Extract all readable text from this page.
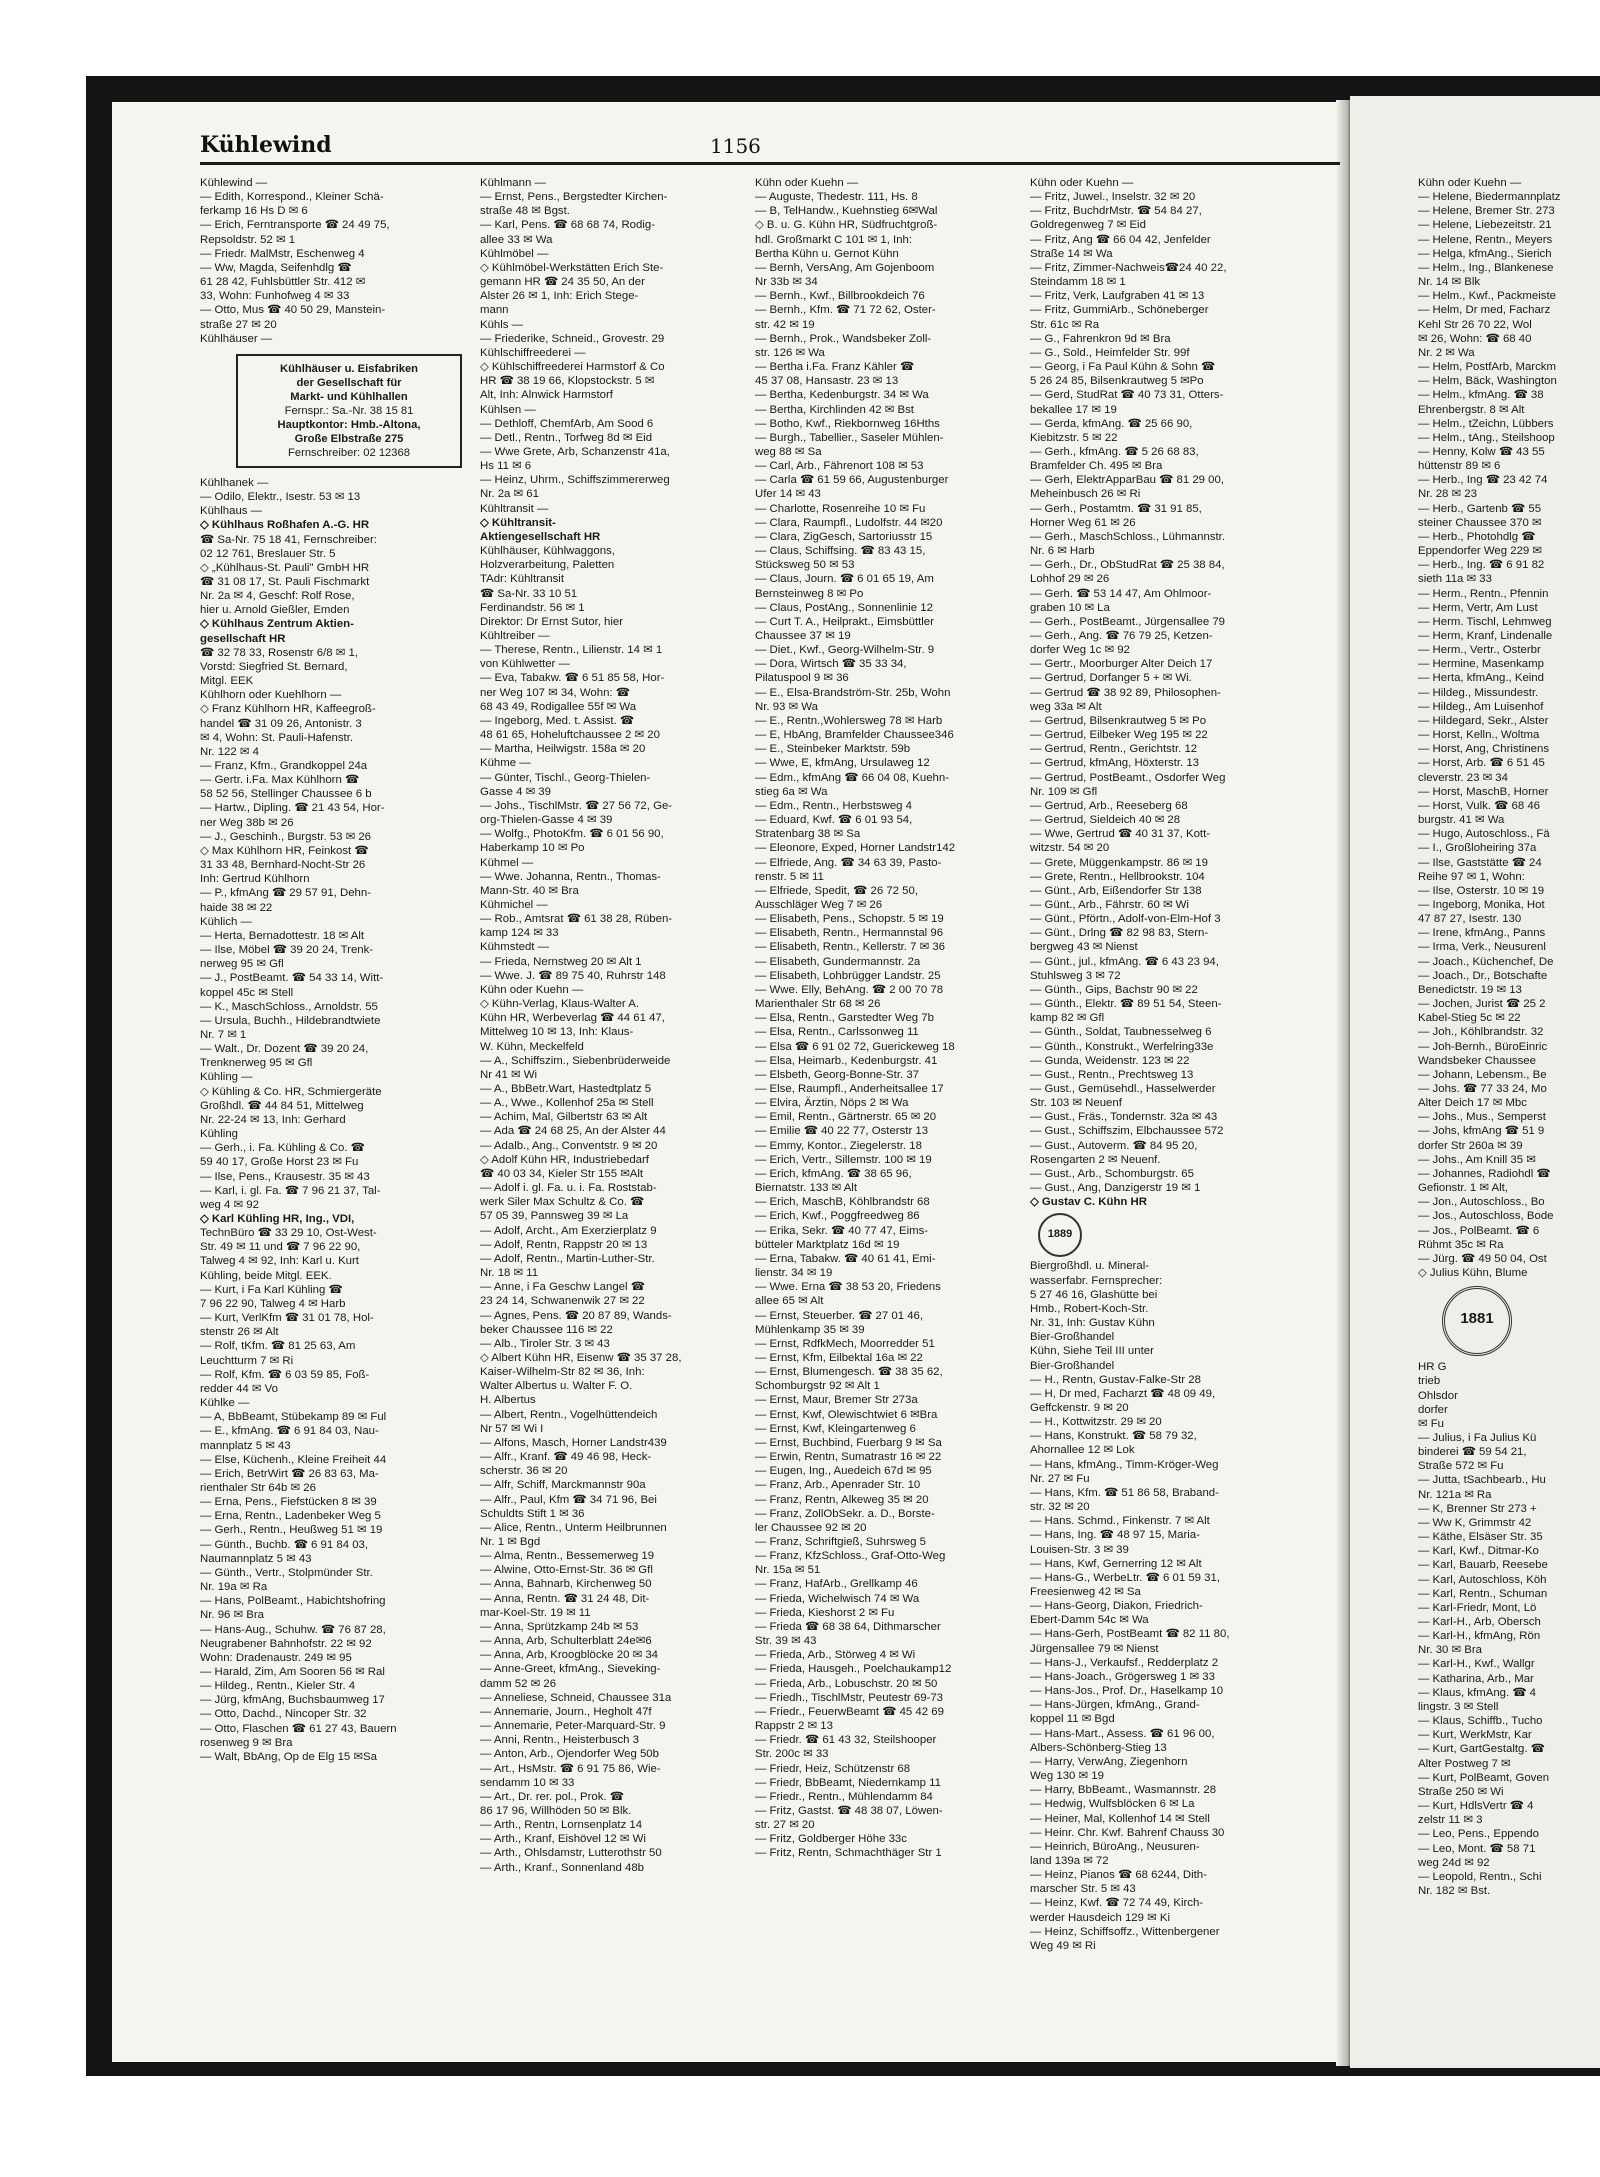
Kühlewind	1156
Kühlewind —
— Edith, Korrespond., Kleiner Schä-
ferkamp 16 Hs D ✉ 6
— Erich, Ferntransporte ☎ 24 49 75,
Repsoldstr. 52 ✉ 1
— Friedr. MalMstr, Eschenweg 4
— Ww, Magda, Seifenhdlg ☎
61 28 42, Fuhlsbüttler Str. 412 ✉
33, Wohn: Funhofweg 4 ✉ 33
— Otto, Mus ☎ 40 50 29, Manstein-
straße 27 ✉ 20
Kühlhäuser —
Kühlhäuser u. Eisfabriken
der Gesellschaft für
Markt- und Kühlhallen
Fernspr.: Sa.-Nr. 38 15 81
Hauptkontor: Hmb.-Altona,
Große Elbstraße 275
Fernschreiber: 02 12368
Kühlhanek —
— Odilo, Elektr., Isestr. 53 ✉ 13
Kühlhaus —
◇ Kühlhaus Roßhafen A.-G. HR
☎ Sa-Nr. 75 18 41, Fernschreiber:
02 12 761, Breslauer Str. 5
◇ „Kühlhaus-St. Pauli" GmbH HR
☎ 31 08 17, St. Pauli Fischmarkt
Nr. 2a ✉ 4, Geschf: Rolf Rose,
hier u. Arnold Gießler, Emden
◇ Kühlhaus Zentrum Aktien-
gesellschaft HR
☎ 32 78 33, Rosenstr 6/8 ✉ 1,
Vorstd: Siegfried St. Bernard,
Mitgl. EEK
Kühlhorn oder Kuehlhorn —
◇ Franz Kühlhorn HR, Kaffeegroß-
handel ☎ 31 09 26, Antonistr. 3
✉ 4, Wohn: St. Pauli-Hafenstr.
Nr. 122 ✉ 4
— Franz, Kfm., Grandkoppel 24a
— Gertr. i.Fa. Max Kühlhorn ☎
58 52 56, Stellinger Chaussee 6 b
— Hartw., Dipling. ☎ 21 43 54, Hor-
ner Weg 38b ✉ 26
— J., Geschinh., Burgstr. 53 ✉ 26
◇ Max Kühlhorn HR, Feinkost ☎
31 33 48, Bernhard-Nocht-Str 26
Inh: Gertrud Kühlhorn
— P., kfmAng ☎ 29 57 91, Dehn-
haide 38 ✉ 22
Kühlich —
— Herta, Bernadottestr. 18 ✉ Alt
— Ilse, Möbel ☎ 39 20 24, Trenk-
nerweg 95 ✉ Gfl
— J., PostBeamt. ☎ 54 33 14, Witt-
koppel 45c ✉ Stell
— K., MaschSchloss., Arnoldstr. 55
— Ursula, Buchh., Hildebrandtwiete
Nr. 7 ✉ 1
— Walt., Dr. Dozent ☎ 39 20 24,
Trenknerweg 95 ✉ Gfl
Kühling —
◇ Kühling & Co. HR, Schmiergeräte
Großhdl. ☎ 44 84 51, Mittelweg
Nr. 22-24 ✉ 13, Inh: Gerhard
Kühling
— Gerh., i. Fa. Kühling & Co. ☎
59 40 17, Große Horst 23 ✉ Fu
— Ilse, Pens., Krausestr. 35 ✉ 43
— Karl, i. gl. Fa. ☎ 7 96 21 37, Tal-
weg 4 ✉ 92
◇ Karl Kühling HR, Ing., VDI,
TechnBüro ☎ 33 29 10, Ost-West-
Str. 49 ✉ 11 und ☎ 7 96 22 90,
Talweg 4 ✉ 92, Inh: Karl u. Kurt
Kühling, beide Mitgl. EEK.
— Kurt, i Fa Karl Kühling ☎
7 96 22 90, Talweg 4 ✉ Harb
— Kurt, VerlKfm ☎ 31 01 78, Hol-
stenstr 26 ✉ Alt
— Rolf, tKfm. ☎ 81 25 63, Am
Leuchtturm 7 ✉ Ri
— Rolf, Kfm. ☎ 6 03 59 85, Foß-
redder 44 ✉ Vo
Kühlke —
— A, BbBeamt, Stübekamp 89 ✉ Ful
— E., kfmAng. ☎ 6 91 84 03, Nau-
mannplatz 5 ✉ 43
— Else, Küchenh., Kleine Freiheit 44
— Erich, BetrWirt ☎ 26 83 63, Ma-
rienthaler Str 64b ✉ 26
— Erna, Pens., Fiefstücken 8 ✉ 39
— Erna, Rentn., Ladenbeker Weg 5
— Gerh., Rentn., Heußweg 51 ✉ 19
— Günth., Buchb. ☎ 6 91 84 03,
Naumannplatz 5 ✉ 43
— Günth., Vertr., Stolpmünder Str.
Nr. 19a ✉ Ra
— Hans, PolBeamt., Habichtshofring
Nr. 96 ✉ Bra
— Hans-Aug., Schuhw. ☎ 76 87 28,
Neugrabener Bahnhofstr. 22 ✉ 92
Wohn: Dradenaustr. 249 ✉ 95
— Harald, Zim, Am Sooren 56 ✉ Ral
— Hildeg., Rentn., Kieler Str. 4
— Jürg, kfmAng, Buchsbaumweg 17
— Otto, Dachd., Nincoper Str. 32
— Otto, Flaschen ☎ 61 27 43, Bauern
rosenweg 9 ✉ Bra
— Walt, BbAng, Op de Elg 15 ✉Sa
Kühlmann —
— Ernst, Pens., Bergstedter Kirchen-
straße 48 ✉ Bgst.
— Karl, Pens. ☎ 68 68 74, Rodig-
allee 33 ✉ Wa
Kühlmöbel —
◇ Kühlmöbel-Werkstätten Erich Ste-
gemann HR ☎ 24 35 50, An der
Alster 26 ✉ 1, Inh: Erich Stege-
mann
Kühls —
— Friederike, Schneid., Grovestr. 29
Kühlschiffreederei —
◇ Kühlschiffreederei Harmstorf & Co
HR ☎ 38 19 66, Klopstockstr. 5 ✉
Alt, Inh: Alnwick Harmstorf
Kühlsen —
— Dethloff, ChemfArb, Am Sood 6
— Detl., Rentn., Torfweg 8d ✉ Eid
— Wwe Grete, Arb, Schanzenstr 41a,
Hs 11 ✉ 6
— Heinz, Uhrm., Schiffszimmererweg
Nr. 2a ✉ 61
Kühltransit —
◇ Kühltransit-
Aktiengesellschaft HR
Kühlhäuser, Kühlwaggons,
Holzverarbeitung, Paletten
TAdr: Kühltransit
☎ Sa-Nr. 33 10 51
Ferdinandstr. 56 ✉ 1
Direktor: Dr Ernst Sutor, hier
Kühltreiber —
— Therese, Rentn., Lilienstr. 14 ✉ 1
von Kühlwetter —
— Eva, Tabakw. ☎ 6 51 85 58, Hor-
ner Weg 107 ✉ 34, Wohn: ☎
68 43 49, Rodigallee 55f ✉ Wa
— Ingeborg, Med. t. Assist. ☎
48 61 65, Hoheluftchaussee 2 ✉ 20
— Martha, Heilwigstr. 158a ✉ 20
Kühme —
— Günter, Tischl., Georg-Thielen-
Gasse 4 ✉ 39
— Johs., TischlMstr. ☎ 27 56 72, Ge-
org-Thielen-Gasse 4 ✉ 39
— Wolfg., PhotoKfm. ☎ 6 01 56 90,
Haberkamp 10 ✉ Po
Kühmel —
— Wwe. Johanna, Rentn., Thomas-
Mann-Str. 40 ✉ Bra
Kühmichel —
— Rob., Amtsrat ☎ 61 38 28, Rüben-
kamp 124 ✉ 33
Kühmstedt —
— Frieda, Nernstweg 20 ✉ Alt 1
— Wwe. J. ☎ 89 75 40, Ruhrstr 148
Kühn oder Kuehn —
◇ Kühn-Verlag, Klaus-Walter A.
Kühn HR, Werbeverlag ☎ 44 61 47,
Mittelweg 10 ✉ 13, Inh: Klaus-
W. Kühn, Meckelfeld
— A., Schiffszim., Siebenbrüderweide
Nr 41 ✉ Wi
— A., BbBetr.Wart, Hastedtplatz 5
— A., Wwe., Kollenhof 25a ✉ Stell
— Achim, Mal, Gilbertstr 63 ✉ Alt
— Ada ☎ 24 68 25, An der Alster 44
— Adalb., Ang., Conventstr. 9 ✉ 20
◇ Adolf Kühn HR, Industriebedarf
☎ 40 03 34, Kieler Str 155 ✉Alt
— Adolf i. gl. Fa. u. i. Fa. Roststab-
werk Siler Max Schultz & Co. ☎
57 05 39, Pannsweg 39 ✉ La
— Adolf, Archt., Am Exerzierplatz 9
— Adolf, Rentn, Rappstr 20 ✉ 13
— Adolf, Rentn., Martin-Luther-Str.
Nr. 18 ✉ 11
— Anne, i Fa Geschw Langel ☎
23 24 14, Schwanenwik 27 ✉ 22
— Agnes, Pens. ☎ 20 87 89, Wands-
beker Chaussee 116 ✉ 22
— Alb., Tiroler Str. 3 ✉ 43
◇ Albert Kühn HR, Eisenw ☎ 35 37 28,
Kaiser-Wilhelm-Str 82 ✉ 36, Inh:
Walter Albertus u. Walter F. O.
H. Albertus
— Albert, Rentn., Vogelhüttendeich
Nr 57 ✉ Wi I
— Alfons, Masch, Horner Landstr439
— Alfr., Kranf. ☎ 49 46 98, Heck-
scherstr. 36 ✉ 20
— Alfr, Schiff, Marckmannstr 90a
— Alfr., Paul, Kfm ☎ 34 71 96, Bei
Schuldts Stift 1 ✉ 36
— Alice, Rentn., Unterm Heilbrunnen
Nr. 1 ✉ Bgd
— Alma, Rentn., Bessemerweg 19
— Alwine, Otto-Ernst-Str. 36 ✉ Gfl
— Anna, Bahnarb, Kirchenweg 50
— Anna, Rentn. ☎ 31 24 48, Dit-
mar-Koel-Str. 19 ✉ 11
— Anna, Sprützkamp 24b ✉ 53
— Anna, Arb, Schulterblatt 24e✉6
— Anna, Arb, Kroogblöcke 20 ✉ 34
— Anne-Greet, kfmAng., Sieveking-
damm 52 ✉ 26
— Anneliese, Schneid, Chaussee 31a
— Annemarie, Journ., Hegholt 47f
— Annemarie, Peter-Marquard-Str. 9
— Anni, Rentn., Heisterbusch 3
— Anton, Arb., Ojendorfer Weg 50b
— Art., HsMstr. ☎ 6 91 75 86, Wie-
sendamm 10 ✉ 33
— Art., Dr. rer. pol., Prok. ☎
86 17 96, Willhöden 50 ✉ Blk.
— Arth., Rentn, Lornsenplatz 14
— Arth., Kranf, Eishövel 12 ✉ Wi
— Arth., Ohlsdamstr, Lutterothstr 50
— Arth., Kranf., Sonnenland 48b
Kühn oder Kuehn —
— Auguste, Thedestr. 111, Hs. 8
— B, TelHandw., Kuehnstieg 6✉Wal
◇ B. u. G. Kühn HR, Südfruchtgroß-
hdl. Großmarkt C 101 ✉ 1, Inh:
Bertha Kühn u. Gernot Kühn
— Bernh, VersAng, Am Gojenboom
Nr 33b ✉ 34
— Bernh., Kwf., Billbrookdeich 76
— Bernh., Kfm. ☎ 71 72 62, Oster-
str. 42 ✉ 19
— Bernh., Prok., Wandsbeker Zoll-
str. 126 ✉ Wa
— Bertha i.Fa. Franz Kähler ☎
45 37 08, Hansastr. 23 ✉ 13
— Bertha, Kedenburgstr. 34 ✉ Wa
— Bertha, Kirchlinden 42 ✉ Bst
— Botho, Kwf., Riekbornweg 16Hths
— Burgh., Tabellier., Saseler Mühlen-
weg 88 ✉ Sa
— Carl, Arb., Fährenort 108 ✉ 53
— Carla ☎ 61 59 66, Augustenburger
Ufer 14 ✉ 43
— Charlotte, Rosenreihe 10 ✉ Fu
— Clara, Raumpfl., Ludolfstr. 44 ✉20
— Clara, ZigGesch, Sartoriusstr 15
— Claus, Schiffsing. ☎ 83 43 15,
Stücksweg 50 ✉ 53
— Claus, Journ. ☎ 6 01 65 19, Am
Bernsteinweg 8 ✉ Po
— Claus, PostAng., Sonnenlinie 12
— Curt T. A., Heilprakt., Eimsbüttler
Chaussee 37 ✉ 19
— Diet., Kwf., Georg-Wilhelm-Str. 9
— Dora, Wirtsch ☎ 35 33 34,
Pilatuspool 9 ✉ 36
— E., Elsa-Brandström-Str. 25b, Wohn
Nr. 93 ✉ Wa
— E., Rentn.,Wohlersweg 78 ✉ Harb
— E, HbAng, Bramfelder Chaussee346
— E., Steinbeker Marktstr. 59b
— Wwe, E, kfmAng, Ursulaweg 12
— Edm., kfmAng ☎ 66 04 08, Kuehn-
stieg 6a ✉ Wa
— Edm., Rentn., Herbstsweg 4
— Eduard, Kwf. ☎ 6 01 93 54,
Stratenbarg 38 ✉ Sa
— Eleonore, Exped, Horner Landstr142
— Elfriede, Ang. ☎ 34 63 39, Pasto-
renstr. 5 ✉ 11
— Elfriede, Spedit, ☎ 26 72 50,
Ausschläger Weg 7 ✉ 26
— Elisabeth, Pens., Schopstr. 5 ✉ 19
— Elisabeth, Rentn., Hermannstal 96
— Elisabeth, Rentn., Kellerstr. 7 ✉ 36
— Elisabeth, Gundermannstr. 2a
— Elisabeth, Lohbrügger Landstr. 25
— Wwe. Elly, BehAng. ☎ 2 00 70 78
Marienthaler Str 68 ✉ 26
— Elsa, Rentn., Garstedter Weg 7b
— Elsa, Rentn., Carlssonweg 11
— Elsa ☎ 6 91 02 72, Guerickeweg 18
— Elsa, Heimarb., Kedenburgstr. 41
— Elsbeth, Georg-Bonne-Str. 37
— Else, Raumpfl., Anderheitsallee 17
— Elvira, Ärztin, Nöps 2 ✉ Wa
— Emil, Rentn., Gärtnerstr. 65 ✉ 20
— Emilie ☎ 40 22 77, Osterstr 13
— Emmy, Kontor., Ziegelerstr. 18
— Erich, Vertr., Sillemstr. 100 ✉ 19
— Erich, kfmAng. ☎ 38 65 96,
Biernatstr. 133 ✉ Alt
— Erich, MaschB, Köhlbrandstr 68
— Erich, Kwf., Poggfreedweg 86
— Erika, Sekr. ☎ 40 77 47, Eims-
bütteler Marktplatz 16d ✉ 19
— Erna, Tabakw. ☎ 40 61 41, Emi-
lienstr. 34 ✉ 19
— Wwe. Erna ☎ 38 53 20, Friedens
allee 65 ✉ Alt
— Ernst, Steuerber. ☎ 27 01 46,
Mühlenkamp 35 ✉ 39
— Ernst, RdfkMech, Moorredder 51
— Ernst, Kfm, Eilbektal 16a ✉ 22
— Ernst, Blumengesch. ☎ 38 35 62,
Schomburgstr 92 ✉ Alt 1
— Ernst, Maur, Bremer Str 273a
— Ernst, Kwf, Olewischtwiet 6 ✉Bra
— Ernst, Kwf, Kleingartenweg 6
— Ernst, Buchbind, Fuerbarg 9 ✉ Sa
— Erwin, Rentn, Sumatrastr 16 ✉ 22
— Eugen, Ing., Auedeich 67d ✉ 95
— Franz, Arb., Apenrader Str. 10
— Franz, Rentn, Alkeweg 35 ✉ 20
— Franz, ZollObSekr. a. D., Borste-
ler Chaussee 92 ✉ 20
— Franz, Schriftgieß, Suhrsweg 5
— Franz, KfzSchloss., Graf-Otto-Weg
Nr. 15a ✉ 51
— Franz, HafArb., Grellkamp 46
— Frieda, Wichelwisch 74 ✉ Wa
— Frieda, Kieshorst 2 ✉ Fu
— Frieda ☎ 68 38 64, Dithmarscher
Str. 39 ✉ 43
— Frieda, Arb., Störweg 4 ✉ Wi
— Frieda, Hausgeh., Poelchaukamp12
— Frieda, Arb., Lobuschstr. 20 ✉ 50
— Friedh., TischlMstr, Peutestr 69-73
— Friedr., FeuerwBeamt ☎ 45 42 69
Rappstr 2 ✉ 13
— Friedr. ☎ 61 43 32, Steilshooper
Str. 200c ✉ 33
— Friedr, Heiz, Schützenstr 68
— Friedr, BbBeamt, Niedernkamp 11
— Friedr., Rentn., Mühlendamm 84
— Fritz, Gastst. ☎ 48 38 07, Löwen-
str. 27 ✉ 20
— Fritz, Goldberger Höhe 33c
— Fritz, Rentn, Schmachthäger Str 1
Kühn oder Kuehn —
— Fritz, Juwel., Inselstr. 32 ✉ 20
— Fritz, BuchdrMstr. ☎ 54 84 27,
Goldregenweg 7 ✉ Eid
— Fritz, Ang ☎ 66 04 42, Jenfelder
Straße 14 ✉ Wa
— Fritz, Zimmer-Nachweis☎24 40 22,
Steindamm 18 ✉ 1
— Fritz, Verk, Laufgraben 41 ✉ 13
— Fritz, GummiArb., Schöneberger
Str. 61c ✉ Ra
— G., Fahrenkron 9d ✉ Bra
— G., Sold., Heimfelder Str. 99f
— Georg, i Fa Paul Kühn & Sohn ☎
5 26 24 85, Bilsenkrautweg 5 ✉Po
— Gerd, StudRat ☎ 40 73 31, Otters-
bekallee 17 ✉ 19
— Gerda, kfmAng. ☎ 25 66 90,
Kiebitzstr. 5 ✉ 22
— Gerh., kfmAng. ☎ 5 26 68 83,
Bramfelder Ch. 495 ✉ Bra
— Gerh, ElektrApparBau ☎ 81 29 00,
Meheinbusch 26 ✉ Ri
— Gerh., Postamtm. ☎ 31 91 85,
Horner Weg 61 ✉ 26
— Gerh., MaschSchloss., Lühmannstr.
Nr. 6 ✉ Harb
— Gerh., Dr., ObStudRat ☎ 25 38 84,
Lohhof 29 ✉ 26
— Gerh. ☎ 53 14 47, Am Ohlmoor-
graben 10 ✉ La
— Gerh., PostBeamt., Jürgensallee 79
— Gerh., Ang. ☎ 76 79 25, Ketzen-
dorfer Weg 1c ✉ 92
— Gertr., Moorburger Alter Deich 17
— Gertrud, Dorfanger 5 + ✉ Wi.
— Gertrud ☎ 38 92 89, Philosophen-
weg 33a ✉ Alt
— Gertrud, Bilsenkrautweg 5 ✉ Po
— Gertrud, Eilbeker Weg 195 ✉ 22
— Gertrud, Rentn., Gerichtstr. 12
— Gertrud, kfmAng, Höxterstr. 13
— Gertrud, PostBeamt., Osdorfer Weg
Nr. 109 ✉ Gfl
— Gertrud, Arb., Reeseberg 68
— Gertrud, Sieldeich 40 ✉ 28
— Wwe, Gertrud ☎ 40 31 37, Kott-
witzstr. 54 ✉ 20
— Grete, Müggenkampstr. 86 ✉ 19
— Grete, Rentn., Hellbrookstr. 104
— Günt., Arb, Eißendorfer Str 138
— Günt., Arb., Fährstr. 60 ✉ Wi
— Günt., Pförtn., Adolf-von-Elm-Hof 3
— Günt., Drlng ☎ 82 98 83, Stern-
bergweg 43 ✉ Nienst
— Günt., jul., kfmAng. ☎ 6 43 23 94,
Stuhlsweg 3 ✉ 72
— Günth., Gips, Bachstr 90 ✉ 22
— Günth., Elektr. ☎ 89 51 54, Steen-
kamp 82 ✉ Gfl
— Günth., Soldat, Taubnesselweg 6
— Günth., Konstrukt., Werfelring33e
— Gunda, Weidenstr. 123 ✉ 22
— Gust., Rentn., Prechtsweg 13
— Gust., Gemüsehdl., Hasselwerder
Str. 103 ✉ Neuenf
— Gust., Fräs., Tondernstr. 32a ✉ 43
— Gust., Schiffszim, Elbchaussee 572
— Gust., Autoverm. ☎ 84 95 20,
Rosengarten 2 ✉ Neuenf.
— Gust., Arb., Schomburgstr. 65
— Gust., Ang, Danzigerstr 19 ✉ 1
◇ Gustav C. Kühn HR
1889
Biergroßhdl. u. Mineral-
wasserfabr. Fernsprecher:
5 27 46 16, Glashütte bei
Hmb., Robert-Koch-Str.
Nr. 31, Inh: Gustav Kühn
Bier-Großhandel
Kühn, Siehe Teil III unter
Bier-Großhandel
— H., Rentn, Gustav-Falke-Str 28
— H, Dr med, Facharzt ☎ 48 09 49,
Geffckenstr. 9 ✉ 20
— H., Kottwitzstr. 29 ✉ 20
— Hans, Konstrukt. ☎ 58 79 32,
Ahornallee 12 ✉ Lok
— Hans, kfmAng., Timm-Kröger-Weg
Nr. 27 ✉ Fu
— Hans, Kfm. ☎ 51 86 58, Braband-
str. 32 ✉ 20
— Hans. Schmd., Finkenstr. 7 ✉ Alt
— Hans, Ing. ☎ 48 97 15, Maria-
Louisen-Str. 3 ✉ 39
— Hans, Kwf, Gernerring 12 ✉ Alt
— Hans-G., WerbeLtr. ☎ 6 01 59 31,
Freesienweg 42 ✉ Sa
— Hans-Georg, Diakon, Friedrich-
Ebert-Damm 54c ✉ Wa
— Hans-Gerh, PostBeamt ☎ 82 11 80,
Jürgensallee 79 ✉ Nienst
— Hans-J., Verkaufsf., Redderplatz 2
— Hans-Joach., Grögersweg 1 ✉ 33
— Hans-Jos., Prof. Dr., Haselkamp 10
— Hans-Jürgen, kfmAng., Grand-
koppel 11 ✉ Bgd
— Hans-Mart., Assess. ☎ 61 96 00,
Albers-Schönberg-Stieg 13
— Harry, VerwAng, Ziegenhorn
Weg 130 ✉ 19
— Harry, BbBeamt., Wasmannstr. 28
— Hedwig, Wulfsblöcken 6 ✉ La
— Heiner, Mal, Kollenhof 14 ✉ Stell
— Heinr. Chr. Kwf. Bahrenf Chauss 30
— Heinrich, BüroAng., Neusuren-
land 139a ✉ 72
— Heinz, Pianos ☎ 68 6244, Dith-
marscher Str. 5 ✉ 43
— Heinz, Kwf. ☎ 72 74 49, Kirch-
werder Hausdeich 129 ✉ Ki
— Heinz, Schiffsoffz., Wittenbergener
Weg 49 ✉ Ri
Kühn oder Kuehn —
— Helene, Biedermannplatz
— Helene, Bremer Str. 273
— Helene, Liebezeitstr. 21
— Helene, Rentn., Meyers
— Helga, kfmAng., Sierich
— Helm., Ing., Blankenese
Nr. 14 ✉ Blk
— Helm., Kwf., Packmeiste
— Helm, Dr med, Facharz
Kehl Str 26 70 22, Wol
✉ 26, Wohn: ☎ 68 40
Nr. 2 ✉ Wa
— Helm, PostfArb, Marckm
— Helm, Bäck, Washington
— Helm., kfmAng. ☎ 38
Ehrenbergstr. 8 ✉ Alt
— Helm., tZeichn, Lübbers
— Helm., tAng., Steilshoop
— Henny, Kolw ☎ 43 55
hüttenstr 89 ✉ 6
— Herb., Ing ☎ 23 42 74
Nr. 28 ✉ 23
— Herb., Gartenb ☎ 55
steiner Chaussee 370 ✉
— Herb., Photohdlg ☎
Eppendorfer Weg 229 ✉
— Herb., Ing. ☎ 6 91 82
sieth 11a ✉ 33
— Herm., Rentn., Pfennin
— Herm, Vertr, Am Lust
— Herm. Tischl, Lehmweg
— Herm, Kranf, Lindenalle
— Herm., Vertr., Osterbr
— Hermine, Masenkamp
— Herta, kfmAng., Keind
— Hildeg., Missundestr.
— Hildeg., Am Luisenhof
— Hildegard, Sekr., Alster
— Horst, Kelln., Woltma
— Horst, Ang, Christinens
— Horst, Arb. ☎ 6 51 45
cleverstr. 23 ✉ 34
— Horst, MaschB, Horner
— Horst, Vulk. ☎ 68 46
burgstr. 41 ✉ Wa
— Hugo, Autoschloss., Fä
— I., Großloheiring 37a
— Ilse, Gaststätte ☎ 24
Reihe 97 ✉ 1, Wohn:
— Ilse, Osterstr. 10 ✉ 19
— Ingeborg, Monika, Hot
47 87 27, Isestr. 130
— Irene, kfmAng., Panns
— Irma, Verk., Neusurenl
— Joach., Küchenchef, De
— Joach., Dr., Botschafte
Benedictstr. 19 ✉ 13
— Jochen, Jurist ☎ 25 2
Kabel-Stieg 5c ✉ 22
— Joh., Köhlbrandstr. 32
— Joh-Bernh., BüroEinric
Wandsbeker Chaussee
— Johann, Lebensm., Be
— Johs. ☎ 77 33 24, Mo
Alter Deich 17 ✉ Mbc
— Johs., Mus., Semperst
— Johs, kfmAng ☎ 51 9
dorfer Str 260a ✉ 39
— Johs., Am Knill 35 ✉
— Johannes, Radiohdl ☎
Gefionstr. 1 ✉ Alt,
— Jon., Autoschloss., Bo
— Jos., Autoschloss, Bode
— Jos., PolBeamt. ☎ 6
Rühmt 35c ✉ Ra
— Jürg. ☎ 49 50 04, Ost
◇ Julius Kühn, Blume
1881
HR G
trieb
Ohlsdor
dorfer
✉ Fu
— Julius, i Fa Julius Kü
binderei ☎ 59 54 21,
Straße 572 ✉ Fu
— Jutta, tSachbearb., Hu
Nr. 121a ✉ Ra
— K, Brenner Str 273 +
— Ww K, Grimmstr 42
— Käthe, Elsäser Str. 35
— Karl, Kwf., Ditmar-Ko
— Karl, Bauarb, Reesebe
— Karl, Autoschloss, Köh
— Karl, Rentn., Schuman
— Karl-Friedr, Mont, Lö
— Karl-H., Arb, Obersch
— Karl-H., kfmAng, Rön
Nr. 30 ✉ Bra
— Karl-H., Kwf., Wallgr
— Katharina, Arb., Mar
— Klaus, kfmAng. ☎ 4
lingstr. 3 ✉ Stell
— Klaus, Schiffb., Tucho
— Kurt, WerkMstr, Kar
— Kurt, GartGestaltg. ☎
Alter Postweg 7 ✉
— Kurt, PolBeamt, Goven
Straße 250 ✉ Wi
— Kurt, HdlsVertr ☎ 4
zelstr 11 ✉ 3
— Leo, Pens., Eppendo
— Leo, Mont. ☎ 58 71
weg 24d ✉ 92
— Leopold, Rentn., Schi
Nr. 182 ✉ Bst.
